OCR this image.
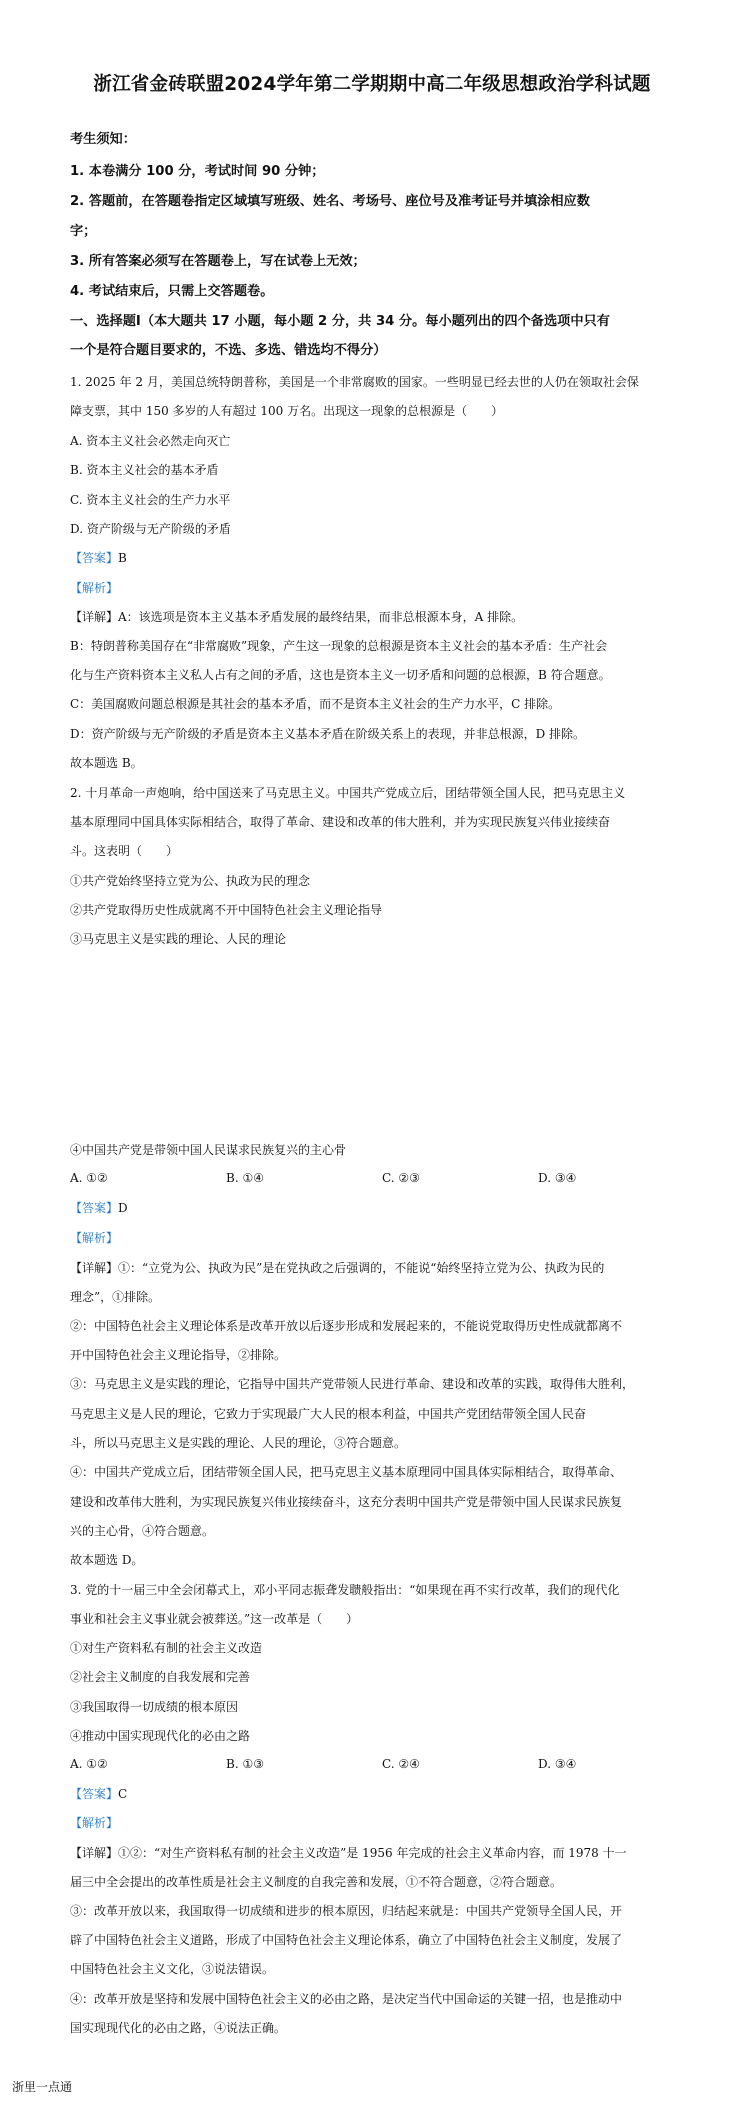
浙江省金砖联盟2024学年第二学期期中高二年级思想政治学科试题
考生须知：
1. 本卷满分 100 分，考试时间 90 分钟；
2. 答题前，在答题卷指定区域填写班级、姓名、考场号、座位号及准考证号并填涂相应数
字；
3. 所有答案必须写在答题卷上，写在试卷上无效；
4. 考试结束后，只需上交答题卷。
一、选择题Ⅰ（本大题共 17 小题，每小题 2 分，共 34 分。每小题列出的四个备选项中只有
一个是符合题目要求的，不选、多选、错选均不得分）
1. 2025 年 2 月，美国总统特朗普称，美国是一个非常腐败的国家。一些明显已经去世的人仍在领取社会保
障支票，其中 150 多岁的人有超过 100 万名。出现这一现象的总根源是（　　）
A. 资本主义社会必然走向灭亡
B. 资本主义社会的基本矛盾
C. 资本主义社会的生产力水平
D. 资产阶级与无产阶级的矛盾
【答案】B
【解析】
【详解】A：该选项是资本主义基本矛盾发展的最终结果，而非总根源本身，A 排除。
B：特朗普称美国存在“非常腐败”现象，产生这一现象的总根源是资本主义社会的基本矛盾：生产社会
化与生产资料资本主义私人占有之间的矛盾，这也是资本主义一切矛盾和问题的总根源，B 符合题意。
C：美国腐败问题总根源是其社会的基本矛盾，而不是资本主义社会的生产力水平，C 排除。
D：资产阶级与无产阶级的矛盾是资本主义基本矛盾在阶级关系上的表现，并非总根源，D 排除。
故本题选 B。
2. 十月革命一声炮响，给中国送来了马克思主义。中国共产党成立后，团结带领全国人民，把马克思主义
基本原理同中国具体实际相结合，取得了革命、建设和改革的伟大胜利，并为实现民族复兴伟业接续奋
斗。这表明（　　）
①共产党始终坚持立党为公、执政为民的理念
②共产党取得历史性成就离不开中国特色社会主义理论指导
③马克思主义是实践的理论、人民的理论
④中国共产党是带领中国人民谋求民族复兴的主心骨
A. ①②	B. ①④	C. ②③	D. ③④
【答案】D
【解析】
【详解】①：“立党为公、执政为民”是在党执政之后强调的，不能说“始终坚持立党为公、执政为民的
理念”，①排除。
②：中国特色社会主义理论体系是改革开放以后逐步形成和发展起来的，不能说党取得历史性成就都离不
开中国特色社会主义理论指导，②排除。
③：马克思主义是实践的理论，它指导中国共产党带领人民进行革命、建设和改革的实践，取得伟大胜利，
马克思主义是人民的理论，它致力于实现最广大人民的根本利益，中国共产党团结带领全国人民奋
斗，所以马克思主义是实践的理论、人民的理论，③符合题意。
④：中国共产党成立后，团结带领全国人民，把马克思主义基本原理同中国具体实际相结合，取得革命、
建设和改革伟大胜利，为实现民族复兴伟业接续奋斗，这充分表明中国共产党是带领中国人民谋求民族复
兴的主心骨，④符合题意。
故本题选 D。
3. 党的十一届三中全会闭幕式上，邓小平同志振聋发聩般指出：“如果现在再不实行改革，我们的现代化
事业和社会主义事业就会被葬送。”这一改革是（　　）
①对生产资料私有制的社会主义改造
②社会主义制度的自我发展和完善
③我国取得一切成绩的根本原因
④推动中国实现现代化的必由之路
A. ①②	B. ①③	C. ②④	D. ③④
【答案】C
【解析】
【详解】①②：“对生产资料私有制的社会主义改造”是 1956 年完成的社会主义革命内容，而 1978 十一
届三中全会提出的改革性质是社会主义制度的自我完善和发展，①不符合题意，②符合题意。
③：改革开放以来，我国取得一切成绩和进步的根本原因，归结起来就是：中国共产党领导全国人民，开
辟了中国特色社会主义道路，形成了中国特色社会主义理论体系，确立了中国特色社会主义制度，发展了
中国特色社会主义文化，③说法错误。
④：改革开放是坚持和发展中国特色社会主义的必由之路，是决定当代中国命运的关键一招，也是推动中
国实现现代化的必由之路，④说法正确。
浙里一点通
